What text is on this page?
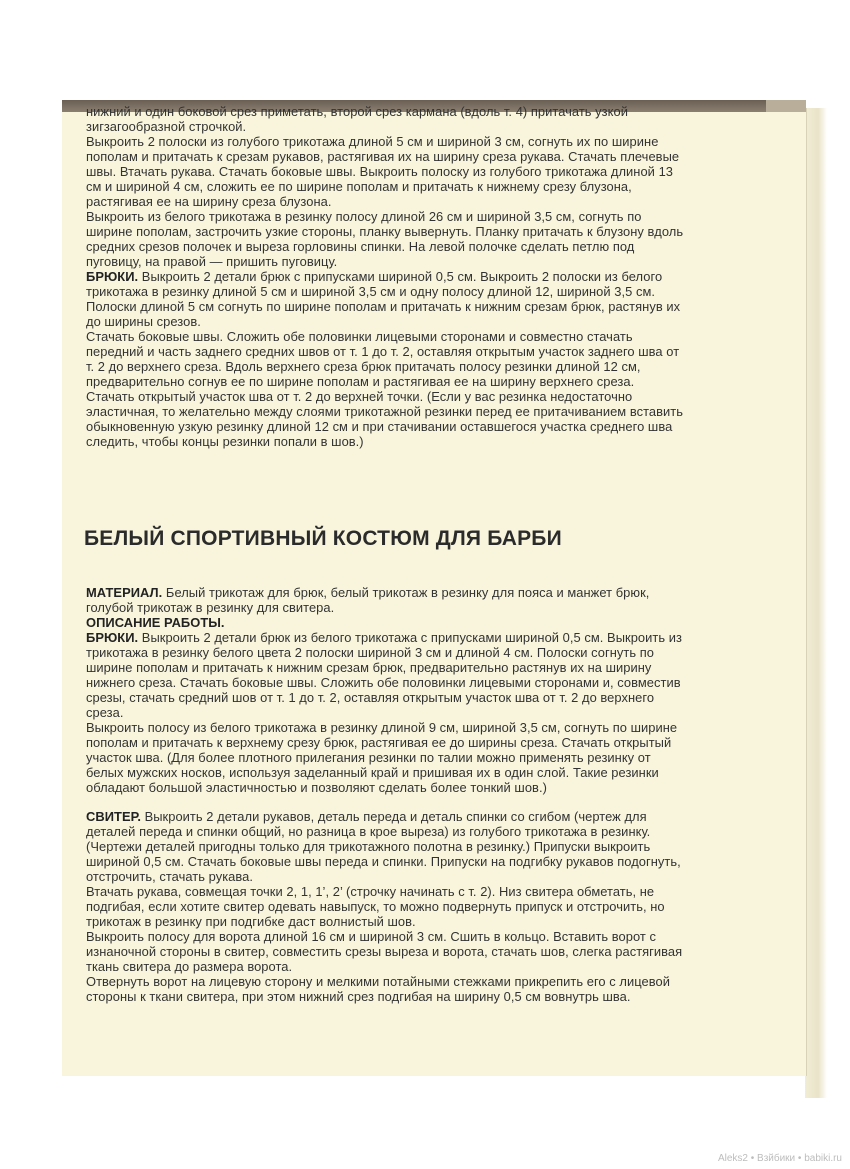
нижний и один боковой срез приметать, второй срез кармана (вдоль т. 4) притачать узкой зигзагообразной строчкой.

Выкроить 2 полоски из голубого трикотажа длиной 5 см и шириной 3 см, согнуть их по ширине пополам и притачать к срезам рукавов, растягивая их на ширину среза рукава. Стачать плечевые швы. Втачать рукава. Стачать боковые швы. Выкроить полоску из голубого трикотажа длиной 13 см и шириной 4 см, сложить ее по ширине пополам и притачать к нижнему срезу блузона, растягивая ее на ширину среза блузона.

Выкроить из белого трикотажа в резинку полосу длиной 26 см и шириной 3,5 см, согнуть по ширине пополам, застрочить узкие стороны, планку вывернуть. Планку притачать к блузону вдоль средних срезов полочек и выреза горловины спинки. На левой полочке сделать петлю под пуговицу, на правой — пришить пуговицу.

БРЮКИ. Выкроить 2 детали брюк с припусками шириной 0,5 см. Выкроить 2 полоски из белого трикотажа в резинку длиной 5 см и шириной 3,5 см и одну полосу длиной 12, шириной 3,5 см. Полоски длиной 5 см согнуть по ширине пополам и притачать к нижним срезам брюк, растянув их до ширины срезов.

Стачать боковые швы. Сложить обе половинки лицевыми сторонами и совместно стачать передний и часть заднего средних швов от т. 1 до т. 2, оставляя открытым участок заднего шва от т. 2 до верхнего среза. Вдоль верхнего среза брюк притачать полосу резинки длиной 12 см, предварительно согнув ее по ширине пополам и растягивая ее на ширину верхнего среза.

Стачать открытый участок шва от т. 2 до верхней точки. (Если у вас резинка недостаточно эластичная, то желательно между слоями трикотажной резинки перед ее притачиванием вставить обыкновенную узкую резинку длиной 12 см и при стачивании оставшегося участка среднего шва следить, чтобы концы резинки попали в шов.)

БЕЛЫЙ СПОРТИВНЫЙ КОСТЮМ ДЛЯ БАРБИ

МАТЕРИАЛ. Белый трикотаж для брюк, белый трикотаж в резинку для пояса и манжет брюк, голубой трикотаж в резинку для свитера.

ОПИСАНИЕ РАБОТЫ.

БРЮКИ. Выкроить 2 детали брюк из белого трикотажа с припусками шириной 0,5 см. Выкроить из трикотажа в резинку белого цвета 2 полоски шириной 3 см и длиной 4 см. Полоски согнуть по ширине пополам и притачать к нижним срезам брюк, предварительно растянув их на ширину нижнего среза. Стачать боковые швы. Сложить обе половинки лицевыми сторонами и, совместив срезы, стачать средний шов от т. 1 до т. 2, оставляя открытым участок шва от т. 2 до верхнего среза.

Выкроить полосу из белого трикотажа в резинку длиной 9 см, шириной 3,5 см, согнуть по ширине пополам и притачать к верхнему срезу брюк, растягивая ее до ширины среза. Стачать открытый участок шва. (Для более плотного прилегания резинки по талии можно применять резинку от белых мужских носков, используя заделанный край и пришивая их в один слой. Такие резинки обладают большой эластичностью и позволяют сделать более тонкий шов.)

СВИТЕР. Выкроить 2 детали рукавов, деталь переда и деталь спинки со сгибом (чертеж для деталей переда и спинки общий, но разница в крое выреза) из голубого трикотажа в резинку. (Чертежи деталей пригодны только для трикотажного полотна в резинку.) Припуски выкроить шириной 0,5 см. Стачать боковые швы переда и спинки. Припуски на подгибку рукавов подогнуть, отстрочить, стачать рукава.

Втачать рукава, совмещая точки 2, 1, 1’, 2’ (строчку начинать с т. 2). Низ свитера обметать, не подгибая, если хотите свитер одевать навыпуск, то можно подвернуть припуск и отстрочить, но трикотаж в резинку при подгибке даст волнистый шов.

Выкроить полосу для ворота длиной 16 см и шириной 3 см. Сшить в кольцо. Вставить ворот с изнаночной стороны в свитер, совместить срезы выреза и ворота, стачать шов, слегка растягивая ткань свитера до размера ворота.

Отвернуть ворот на лицевую сторону и мелкими потайными стежками прикрепить его с лицевой стороны к ткани свитера, при этом нижний срез подгибая на ширину 0,5 см вовнутрь шва.

Aleks2 • Взйбики • babiki.ru
